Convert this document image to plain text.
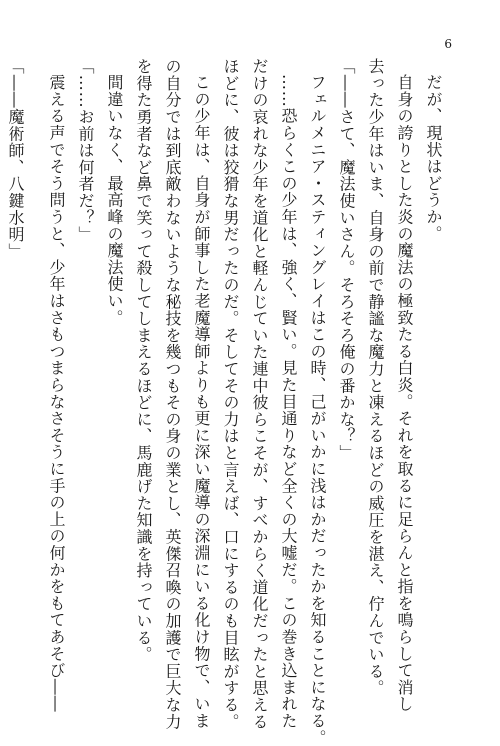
6

だが、現状はどうか。

自身の誇りとした炎の魔法の極致たる白炎。それを取るに足らんと指を鳴らして消し

去った少年はいま、自身の前で静謐な魔力と凍えるほどの威圧を湛え、佇んでいる。

「――さて、魔法使いさん。そろそろ俺の番かな？」

フェルメニア・スティングレイはこの時、己がいかに浅はかだったかを知ることになる。

……恐らくこの少年は、強く、賢い。見た目通りなど全くの大嘘だ。この巻き込まれた

だけの哀れな少年を道化と軽んじていた連中彼らこそが、すべからく道化だったと思える

ほどに、彼は狡猾な男だったのだ。そしてその力はと言えば、口にするのも目眩がする。

この少年は、自身が師事した老魔導師よりも更に深い魔導の深淵にいる化け物で、いま

の自分では到底敵わないような秘技を幾つもその身の業とし、英傑召喚の加護で巨大な力

を得た勇者など鼻で笑って殺してしまえるほどに、馬鹿げた知識を持っている。

間違いなく、最高峰の魔法使い。

「……お前は何者だ？」

震える声でそう問うと、少年はさもつまらなさそうに手の上の何かをもてあそび――

「――魔術師、八鍵水明」
